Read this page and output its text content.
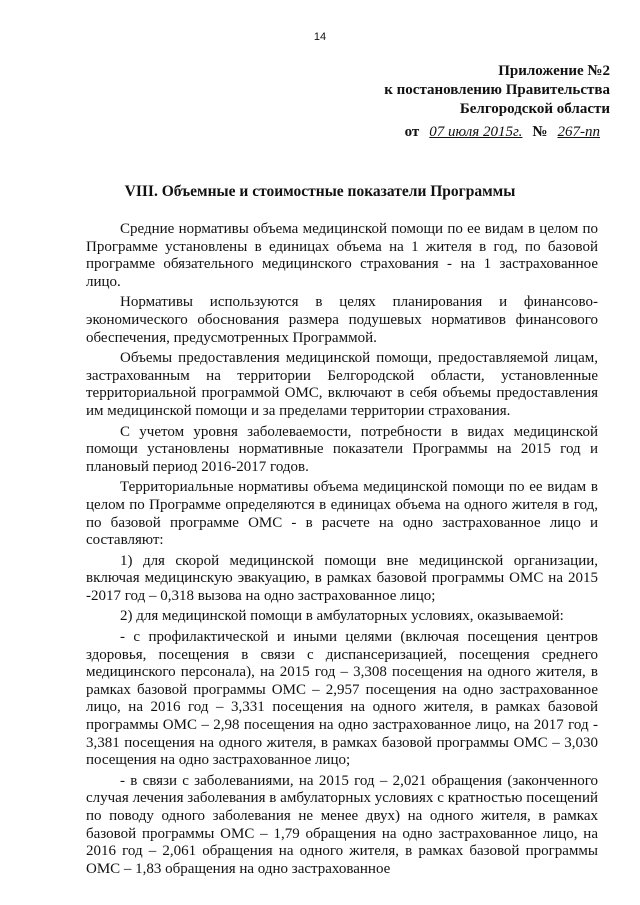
14
Приложение №2
к постановлению Правительства
Белгородской области
от 07 июля 2015г. № 267-пп
VIII. Объемные и стоимостные показатели Программы

Средние нормативы объема медицинской помощи по ее видам в целом по Программе установлены в единицах объема на 1 жителя в год, по базовой программе обязательного медицинского страхования - на 1 застрахованное лицо.

Нормативы используются в целях планирования и финансово-экономического обоснования размера подушевых нормативов финансового обеспечения, предусмотренных Программой.

Объемы предоставления медицинской помощи, предоставляемой лицам, застрахованным на территории Белгородской области, установленные территориальной программой ОМС, включают в себя объемы предоставления им медицинской помощи и за пределами территории страхования.

С учетом уровня заболеваемости, потребности в видах медицинской помощи установлены нормативные показатели Программы на 2015 год и плановый период 2016-2017 годов.

Территориальные нормативы объема медицинской помощи по ее видам в целом по Программе определяются в единицах объема на одного жителя в год, по базовой программе ОМС - в расчете на одно застрахованное лицо и составляют:

1) для скорой медицинской помощи вне медицинской организации, включая медицинскую эвакуацию, в рамках базовой программы ОМС на 2015 -2017 год – 0,318 вызова на одно застрахованное лицо;

2) для медицинской помощи в амбулаторных условиях, оказываемой:

- с профилактической и иными целями (включая посещения центров здоровья, посещения в связи с диспансеризацией, посещения среднего медицинского персонала), на 2015 год – 3,308 посещения на одного жителя, в рамках базовой программы ОМС – 2,957 посещения на одно застрахованное лицо, на 2016 год – 3,331 посещения на одного жителя, в рамках базовой программы ОМС – 2,98 посещения на одно застрахованное лицо, на 2017 год - 3,381 посещения на одного жителя, в рамках базовой программы ОМС – 3,030 посещения на одно застрахованное лицо;

- в связи с заболеваниями, на 2015 год – 2,021 обращения (законченного случая лечения заболевания в амбулаторных условиях с кратностью посещений по поводу одного заболевания не менее двух) на одного жителя, в рамках базовой программы ОМС – 1,79 обращения на одно застрахованное лицо, на 2016 год – 2,061 обращения на одного жителя, в рамках базовой программы ОМС – 1,83 обращения на одно застрахованное
